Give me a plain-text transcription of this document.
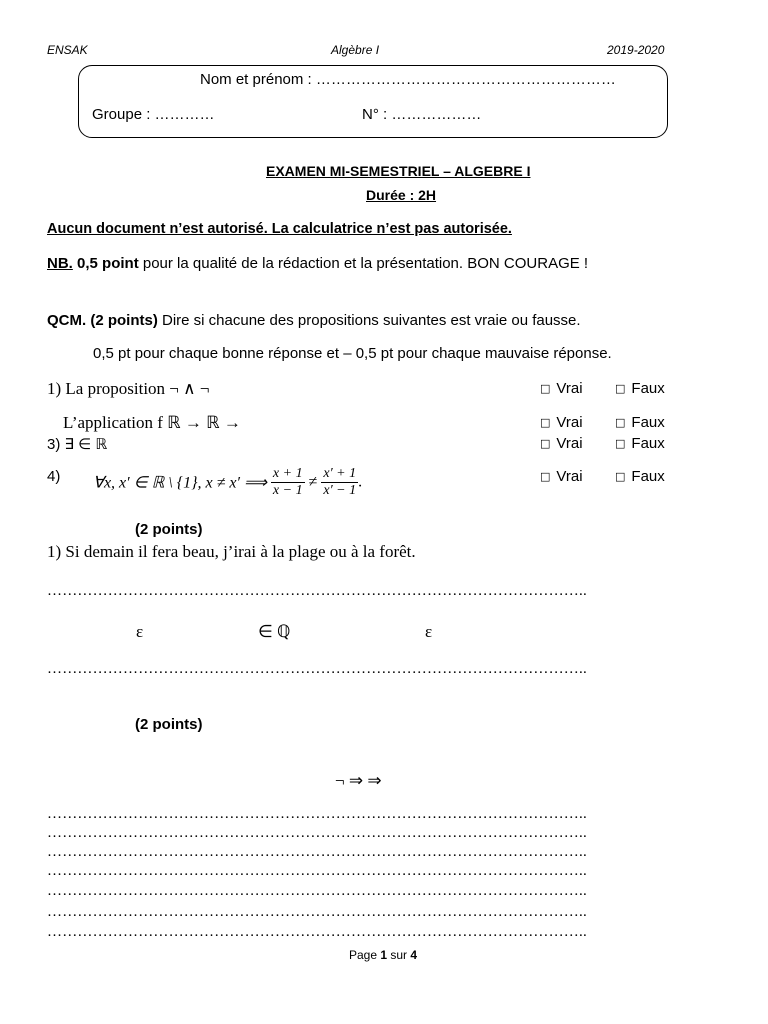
ENSAK	Algèbre I	2019-2020
Nom et prénom : ……………………………………………………
Groupe : …………	N° : ………………
EXAMEN MI-SEMESTRIEL – ALGEBRE I
Durée : 2H
Aucun document n’est autorisé. La calculatrice n’est pas autorisée.
NB. 0,5 point pour la qualité de la rédaction et la présentation. BON COURAGE !
QCM. (2 points) Dire si chacune des propositions suivantes est vraie ou fausse.
0,5 pt pour chaque bonne réponse et – 0,5 pt pour chaque mauvaise réponse.
1) La proposition ¬ ∧ ¬	□ Vrai	□ Faux
L’application f ℝ → ℝ →	□ Vrai	□ Faux
3) ∃ ∈ ℝ	□ Vrai	□ Faux
4) ∀x, x′ ∈ ℝ \ {1}, x ≠ x′ ⟹ $\frac{x + 1}{x - 1} \ne \frac{x' + 1}{x' - 1}$ .	□ Vrai	□ Faux
(2 points)
1) Si demain il fera beau, j’irai à la plage ou à la forêt.
……………………………………………………………………………………………..
ε	∈ ℚ	ε
……………………………………………………………………………………………..
(2 points)
¬ ⇒ ⇒
……………………………………………………………………………………………..
……………………………………………………………………………………………..
……………………………………………………………………………………………..
……………………………………………………………………………………………..
……………………………………………………………………………………………..
……………………………………………………………………………………………..
……………………………………………………………………………………………..
Page 1 sur 4
